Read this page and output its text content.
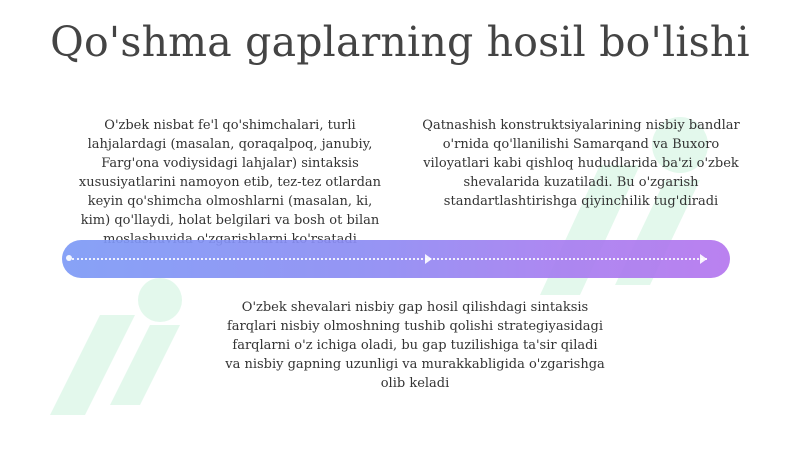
Qo'shma gaplarning hosil bo'lishi

O'zbek nisbat fe'l qo'shimchalari, turli lahjalardagi (masalan, qoraqalpoq, janubiy, Farg'ona vodiysidagi lahjalar) sintaksis xususiyatlarini namoyon etib, tez-tez otlardan keyin qo'shimcha olmoshlarni (masalan, ki, kim) qo'llaydi, holat belgilari va bosh ot bilan

Qatnashish konstruktsiyalarining nisbiy bandlar o'rnida qo'llanilishi Samarqand va Buxoro viloyatlari kabi qishloq hududlarida ba'zi o'zbek shevalarida kuzatiladi. Bu o'zgarish standartlashtirishga qiyinchilik tug'diradi

O'zbek shevalari nisbiy gap hosil qilishdagi sintaksis farqlari nisbiy olmoshning tushib qolishi strategiyasidagi farqlarni o'z ichiga oladi, bu gap tuzilishiga ta'sir qiladi va nisbiy gapning uzunligi va murakkabligida o'zgarishga olib keladi
